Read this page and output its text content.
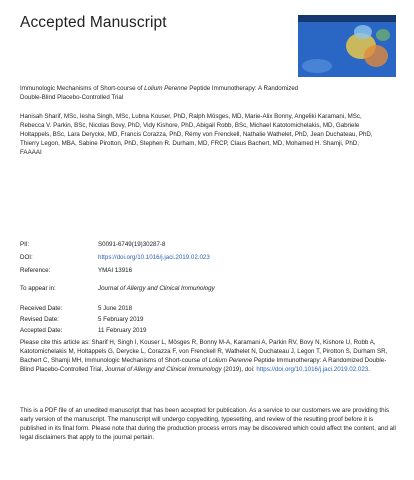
Accepted Manuscript
Immunologic Mechanisms of Short-course of Lolium Perenne Peptide Immunotherapy: A Randomized Double-Blind Placebo-Controlled Trial
Hanisah Sharif, MSc, Iesha Singh, MSc, Lubna Kouser, PhD, Ralph Mösges, MD, Marie-Alix Bonny, Angeliki Karamani, MSc, Rebecca V. Parkin, BSc, Nicolas Bovy, PhD, Vidy Kishore, PhD, Abigail Robb, BSc, Michael Katotomichelakis, MD, Gabriele Holtappels, BSc, Lara Derycke, MD, Francis Corazza, PhD, Rémy von Frenckell, Nathalie Wathelet, PhD, Jean Duchateau, PhD, Thierry Legon, MBA, Sabine Pirotton, PhD, Stephen R. Durham, MD, FRCP, Claus Bachert, MD, Mohamed H. Shamji, PhD, FAAAAI
PII:	S0091-6749(19)30287-8
DOI:	https://doi.org/10.1016/j.jaci.2019.02.023
Reference:	YMAI 13916
To appear in:	Journal of Allergy and Clinical Immunology
Received Date:	5 June 2018
Revised Date:	5 February 2019
Accepted Date:	11 February 2019
Please cite this article as: Sharif H, Singh I, Kouser L, Mösges R, Bonny M-A, Karamani A, Parkin RV, Bovy N, Kishore U, Robb A, Katotomichelakis M, Holtappels G, Derycke L, Corazza F, von Frenckell R, Wathelet N, Duchateau J, Legon T, Pirotton S, Durham SR, Bachert C, Shamji MH, Immunologic Mechanisms of Short-course of Lolium Perenne Peptide Immunotherapy: A Randomized Double-Blind Placebo-Controlled Trial, Journal of Allergy and Clinical Immunology (2019), doi: https://doi.org/10.1016/j.jaci.2019.02.023.
This is a PDF file of an unedited manuscript that has been accepted for publication. As a service to our customers we are providing this early version of the manuscript. The manuscript will undergo copyediting, typesetting, and review of the resulting proof before it is published in its final form. Please note that during the production process errors may be discovered which could affect the content, and all legal disclaimers that apply to the journal pertain.
